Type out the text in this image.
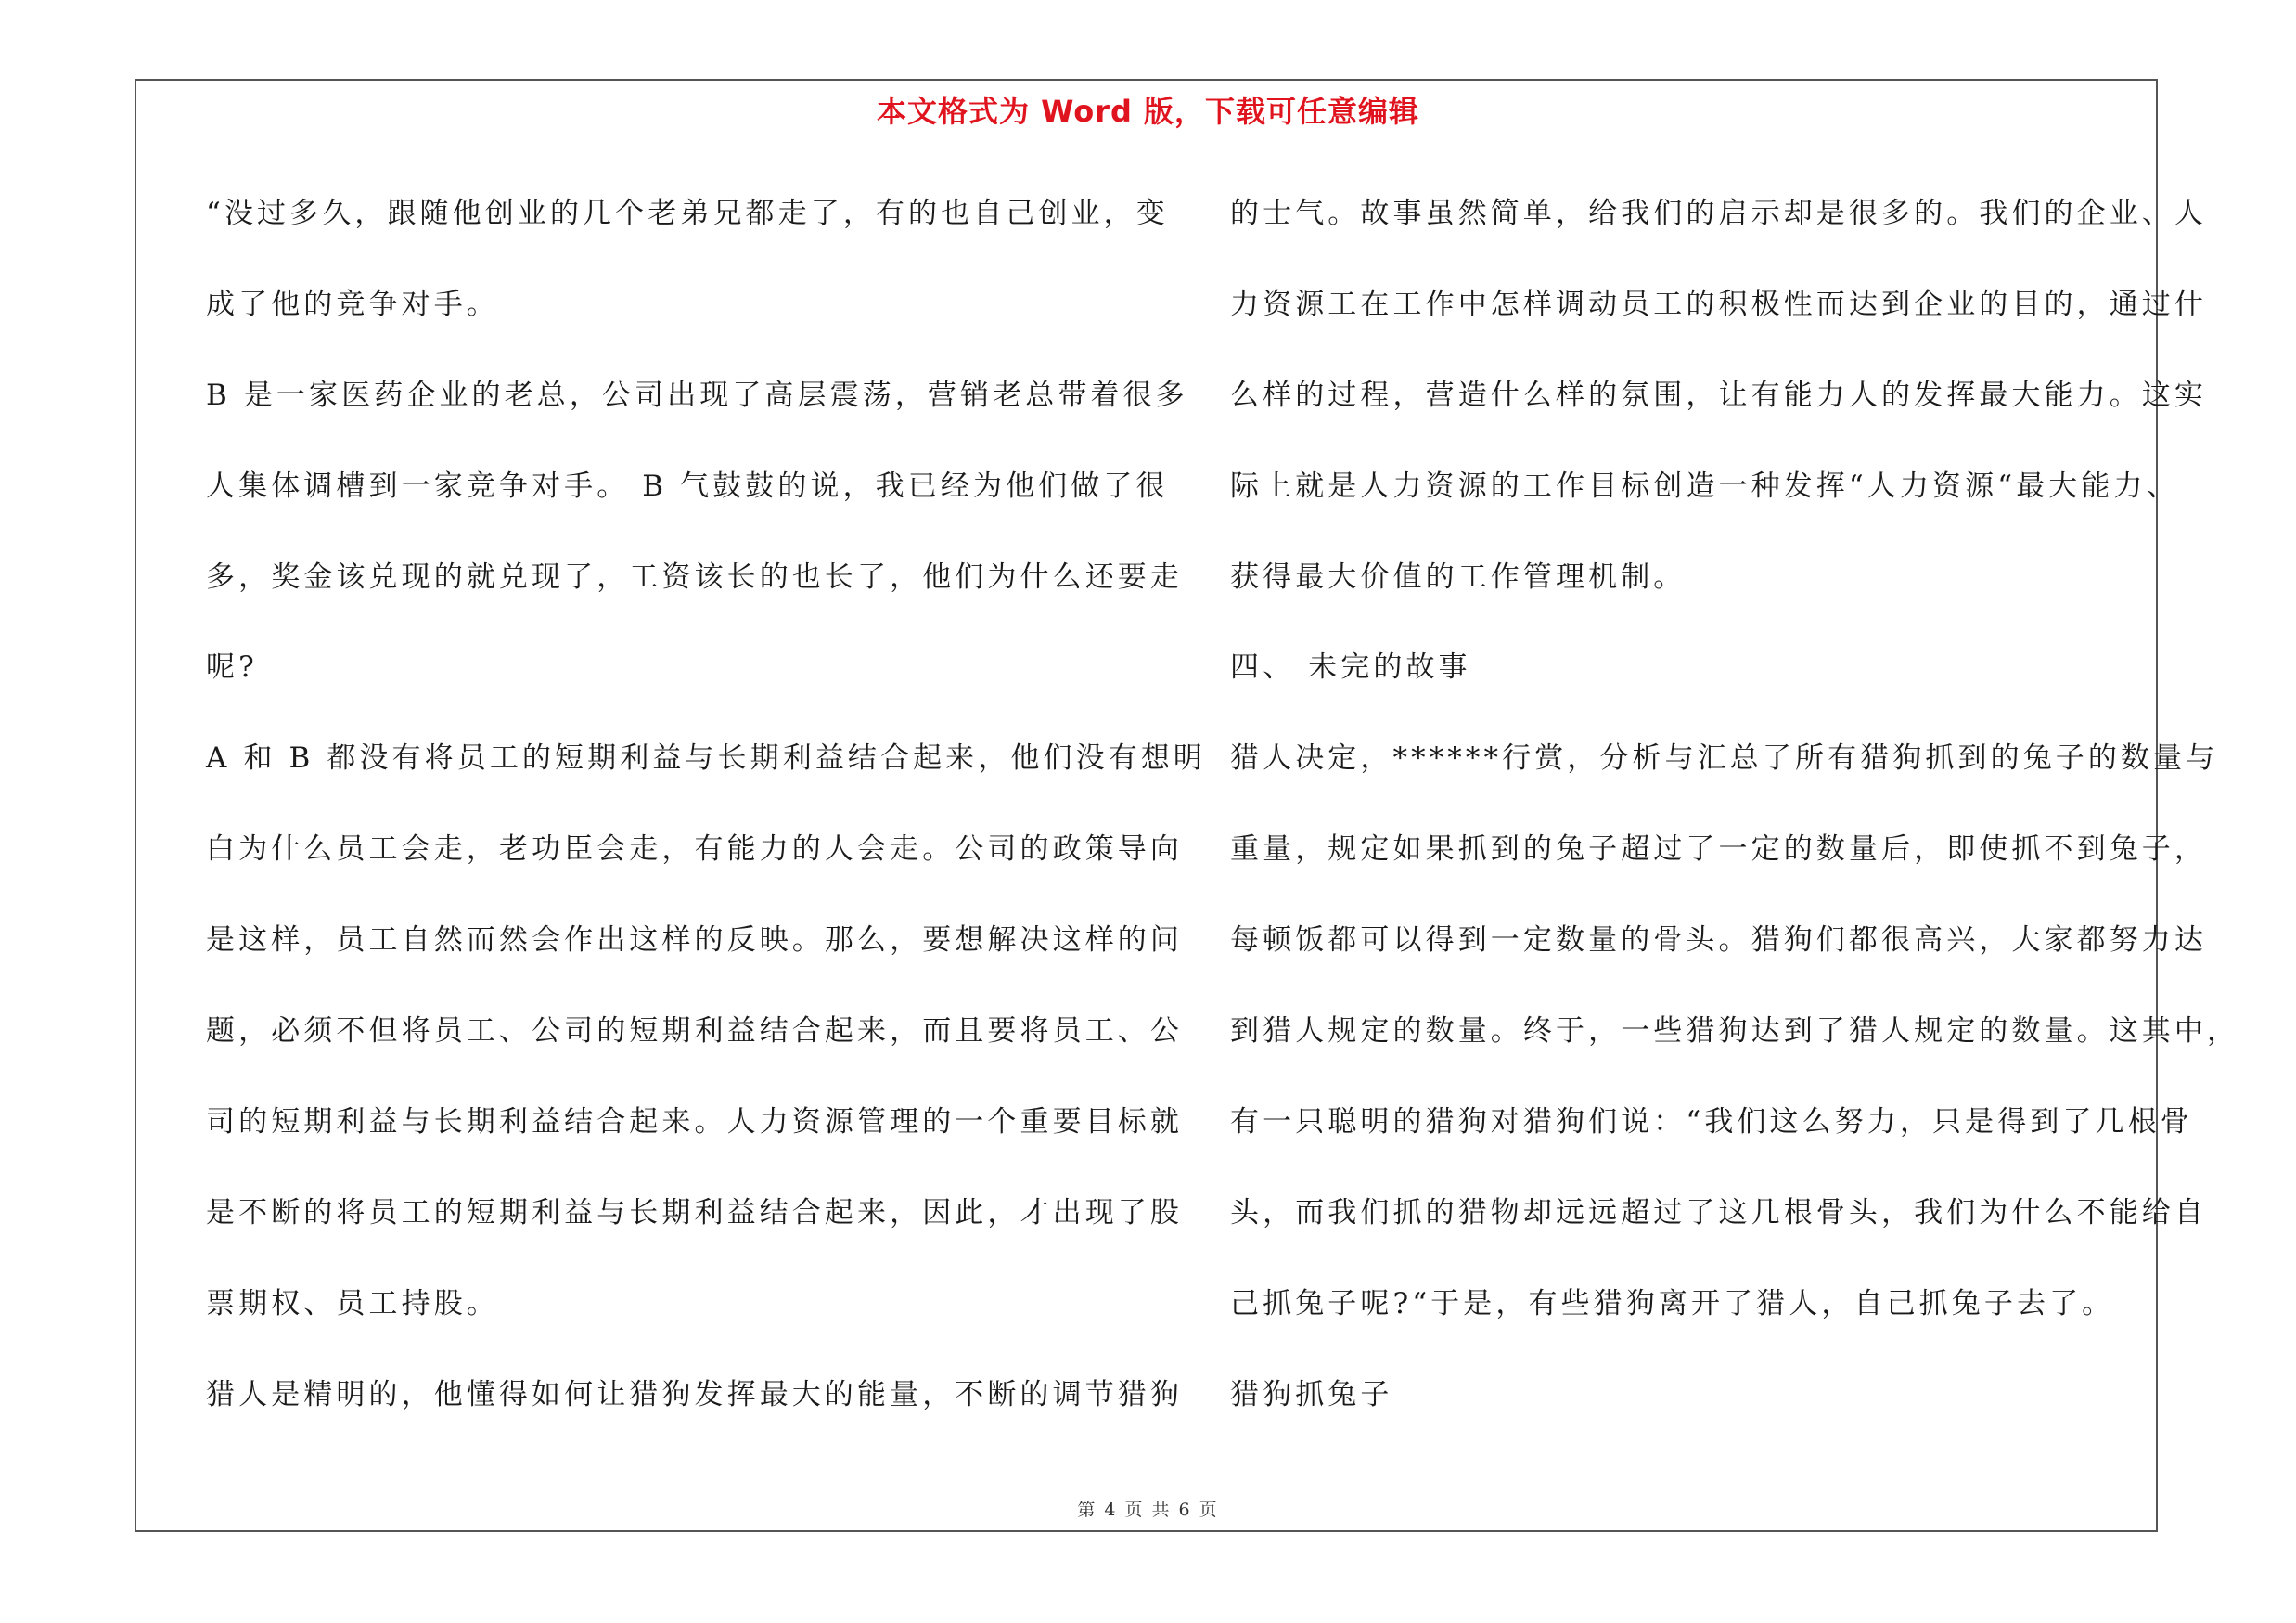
本文格式为 Word 版，下载可任意编辑
“没过多久，跟随他创业的几个老弟兄都走了，有的也自己创业，变
成了他的竞争对手。
B 是一家医药企业的老总，公司出现了高层震荡，营销老总带着很多
人集体调槽到一家竞争对手。 B 气鼓鼓的说，我已经为他们做了很
多，奖金该兑现的就兑现了，工资该长的也长了，他们为什么还要走
呢?
A 和 B 都没有将员工的短期利益与长期利益结合起来，他们没有想明
白为什么员工会走，老功臣会走，有能力的人会走。公司的政策导向
是这样，员工自然而然会作出这样的反映。那么，要想解决这样的问
题，必须不但将员工、公司的短期利益结合起来，而且要将员工、公
司的短期利益与长期利益结合起来。人力资源管理的一个重要目标就
是不断的将员工的短期利益与长期利益结合起来，因此，才出现了股
票期权、员工持股。
猎人是精明的，他懂得如何让猎狗发挥最大的能量，不断的调节猎狗
的士气。故事虽然简单，给我们的启示却是很多的。我们的企业、人
力资源工在工作中怎样调动员工的积极性而达到企业的目的，通过什
么样的过程，营造什么样的氛围，让有能力人的发挥最大能力。这实
际上就是人力资源的工作目标创造一种发挥“人力资源“最大能力、
获得最大价值的工作管理机制。
四、 未完的故事
猎人决定，******行赏，分析与汇总了所有猎狗抓到的兔子的数量与
重量，规定如果抓到的兔子超过了一定的数量后，即使抓不到兔子，
每顿饭都可以得到一定数量的骨头。猎狗们都很高兴，大家都努力达
到猎人规定的数量。终于，一些猎狗达到了猎人规定的数量。这其中，
有一只聪明的猎狗对猎狗们说：“我们这么努力，只是得到了几根骨
头，而我们抓的猎物却远远超过了这几根骨头，我们为什么不能给自
己抓兔子呢?“于是，有些猎狗离开了猎人，自己抓兔子去了。
猎狗抓兔子
第 4 页 共 6 页
